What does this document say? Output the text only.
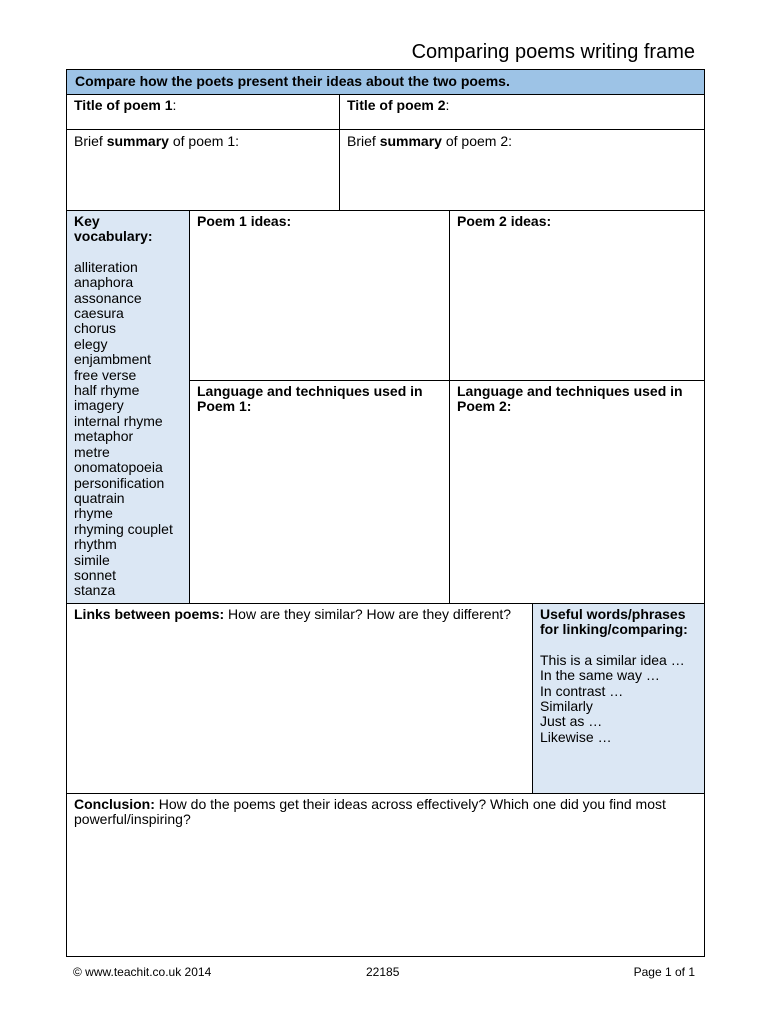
Comparing poems writing frame
Compare how the poets present their ideas about the two poems.
Title of poem 1:	Title of poem 2:
Brief summary of poem 1:	Brief summary of poem 2:
Key vocabulary:
alliteration
anaphora
assonance
caesura
chorus
elegy
enjambment
free verse
half rhyme
imagery
internal rhyme
metaphor
metre
onomatopoeia
personification
quatrain
rhyme
rhyming couplet
rhythm
simile
sonnet
stanza
Poem 1 ideas:	Poem 2 ideas:
Language and techniques used in Poem 1:
Language and techniques used in Poem 2:
Links between poems: How are they similar? How are they different?	Useful words/phrases for linking/comparing:
This is a similar idea …
In the same way …
In contrast …
Similarly
Just as …
Likewise …
Conclusion: How do the poems get their ideas across effectively? Which one did you find most powerful/inspiring?
© www.teachit.co.uk 2014	22185	Page 1 of 1
